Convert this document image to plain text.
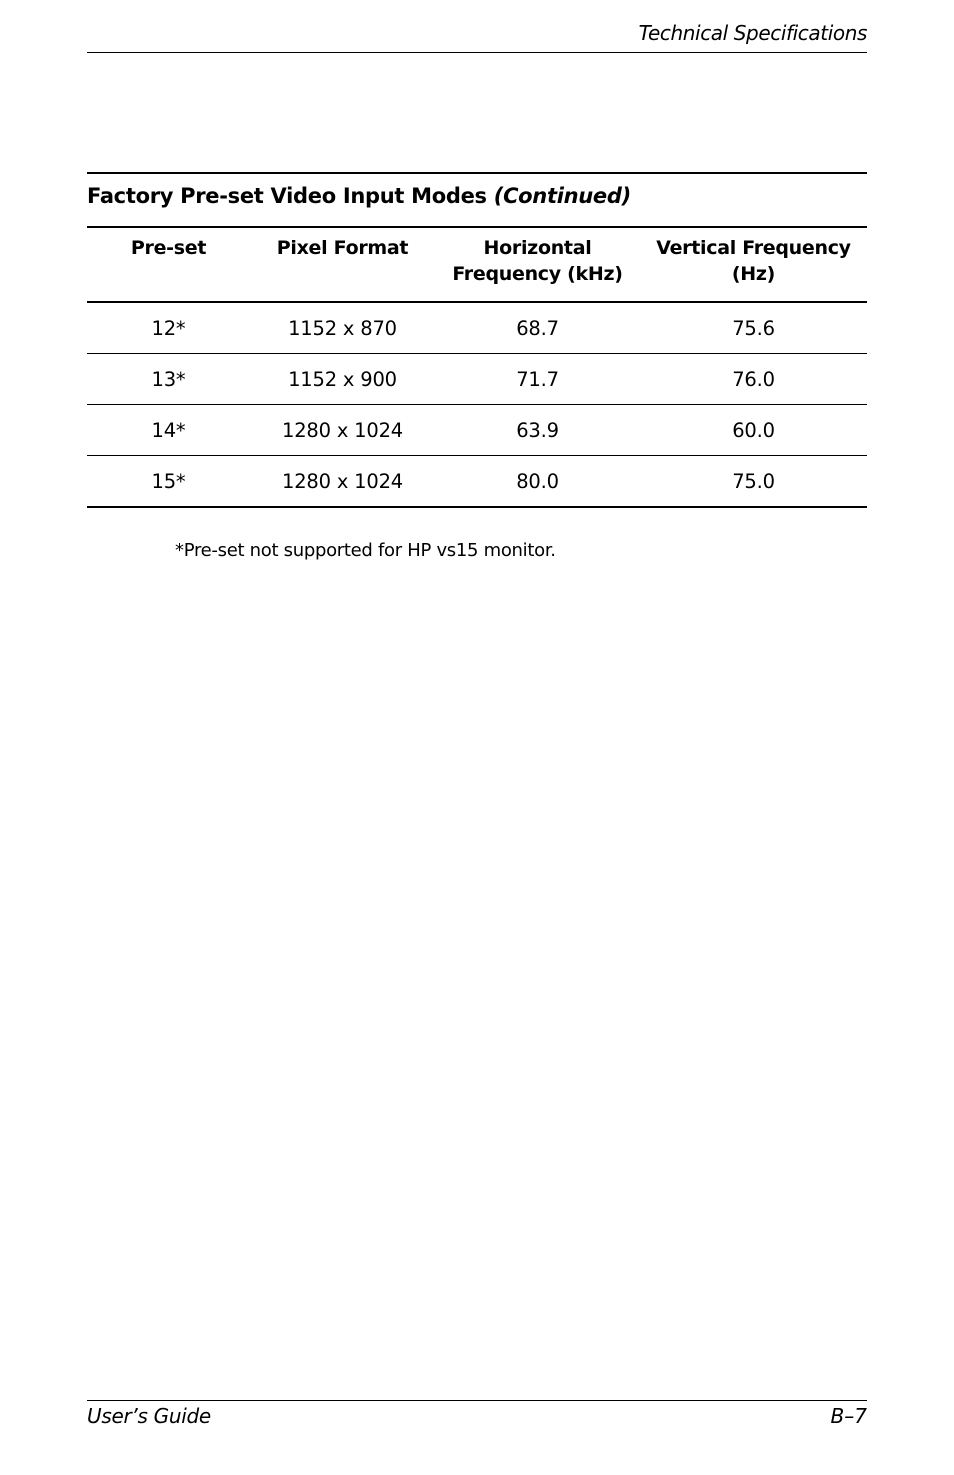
Technical Specifications
Factory Pre-set Video Input Modes (Continued)
Pre-set	Pixel Format	Horizontal Frequency (kHz)	Vertical Frequency (Hz)
12*	1152 x 870	68.7	75.6
13*	1152 x 900	71.7	76.0
14*	1280 x 1024	63.9	60.0
15*	1280 x 1024	80.0	75.0
*Pre-set not supported for HP vs15 monitor.
User’s Guide	B–7
